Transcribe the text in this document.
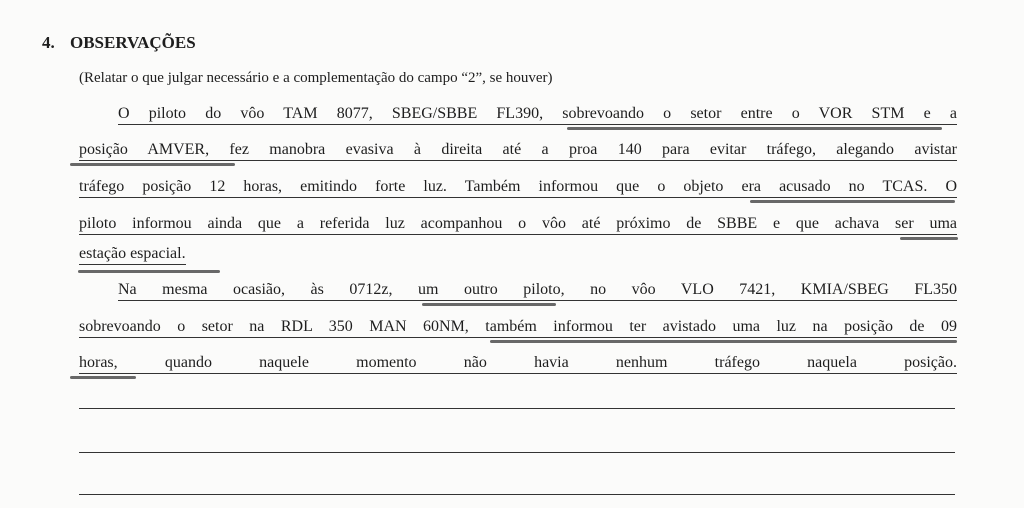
4. OBSERVAÇÕES
(Relatar o que julgar necessário e a complementação do campo “2”, se houver)
O piloto do vôo TAM 8077, SBEG/SBBE FL390, sobrevoando o setor entre o VOR STM e a
posição AMVER, fez manobra evasiva à direita até a proa 140 para evitar tráfego, alegando avistar
tráfego posição 12 horas, emitindo forte luz. Também informou que o objeto era acusado no TCAS. O
piloto informou ainda que a referida luz acompanhou o vôo até próximo de SBBE e que achava ser uma
estação espacial.
Na mesma ocasião, às 0712z, um outro piloto, no vôo VLO 7421, KMIA/SBEG FL350
sobrevoando o setor na RDL 350 MAN 60NM, também informou ter avistado uma luz na posição de 09
horas, quando naquele momento não havia nenhum tráfego naquela posição.
